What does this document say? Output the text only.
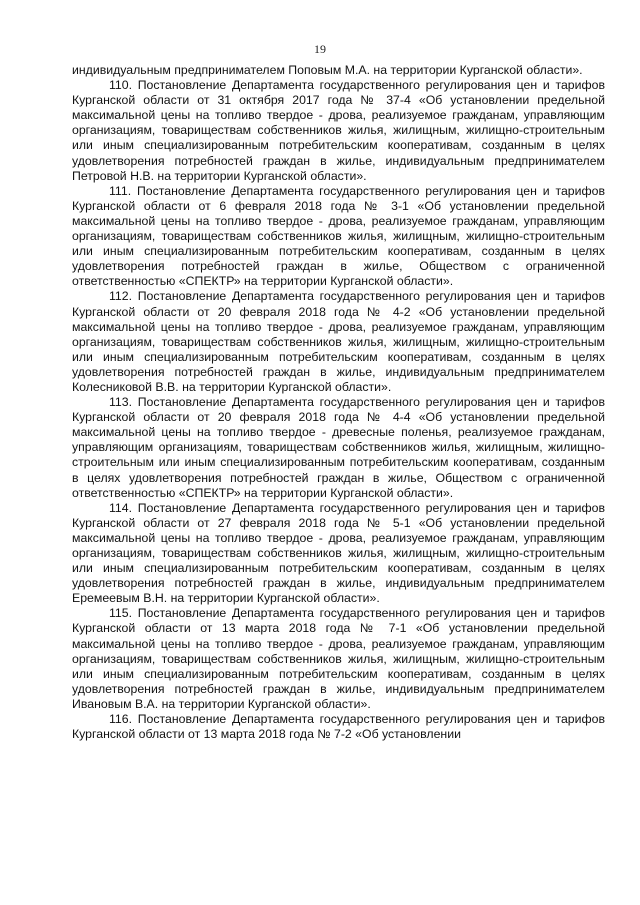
19

индивидуальным предпринимателем Поповым М.А. на территории Курганской области».

110. Постановление Департамента государственного регулирования цен и тарифов Курганской области от 31 октября 2017 года № 37-4 «Об установлении предельной максимальной цены на топливо твердое - дрова, реализуемое гражданам, управляющим организациям, товариществам собственников жилья, жилищным, жилищно-строительным или иным специализированным потребительским кооперативам, созданным в целях удовлетворения потребностей граждан в жилье, индивидуальным предпринимателем Петровой Н.В. на территории Курганской области».

111. Постановление Департамента государственного регулирования цен и тарифов Курганской области от 6 февраля 2018 года № 3-1 «Об установлении предельной максимальной цены на топливо твердое - дрова, реализуемое гражданам, управляющим организациям, товариществам собственников жилья, жилищным, жилищно-строительным или иным специализированным потребительским кооперативам, созданным в целях удовлетворения потребностей граждан в жилье, Обществом с ограниченной ответственностью «СПЕКТР» на территории Курганской области».

112. Постановление Департамента государственного регулирования цен и тарифов Курганской области от 20 февраля 2018 года № 4-2 «Об установлении предельной максимальной цены на топливо твердое - дрова, реализуемое гражданам, управляющим организациям, товариществам собственников жилья, жилищным, жилищно-строительным или иным специализированным потребительским кооперативам, созданным в целях удовлетворения потребностей граждан в жилье, индивидуальным предпринимателем Колесниковой В.В. на территории Курганской области».

113. Постановление Департамента государственного регулирования цен и тарифов Курганской области от 20 февраля 2018 года № 4-4 «Об установлении предельной максимальной цены на топливо твердое - древесные поленья, реализуемое гражданам, управляющим организациям, товариществам собственников жилья, жилищным, жилищно-строительным или иным специализированным потребительским кооперативам, созданным в целях удовлетворения потребностей граждан в жилье, Обществом с ограниченной ответственностью «СПЕКТР» на территории Курганской области».

114. Постановление Департамента государственного регулирования цен и тарифов Курганской области от 27 февраля 2018 года № 5-1 «Об установлении предельной максимальной цены на топливо твердое - дрова, реализуемое гражданам, управляющим организациям, товариществам собственников жилья, жилищным, жилищно-строительным или иным специализированным потребительским кооперативам, созданным в целях удовлетворения потребностей граждан в жилье, индивидуальным предпринимателем Еремеевым В.Н. на территории Курганской области».

115. Постановление Департамента государственного регулирования цен и тарифов Курганской области от 13 марта 2018 года № 7-1 «Об установлении предельной максимальной цены на топливо твердое - дрова, реализуемое гражданам, управляющим организациям, товариществам собственников жилья, жилищным, жилищно-строительным или иным специализированным потребительским кооперативам, созданным в целях удовлетворения потребностей граждан в жилье, индивидуальным предпринимателем Ивановым В.А. на территории Курганской области».

116. Постановление Департамента государственного регулирования цен и тарифов Курганской области от 13 марта 2018 года № 7-2 «Об установлении
